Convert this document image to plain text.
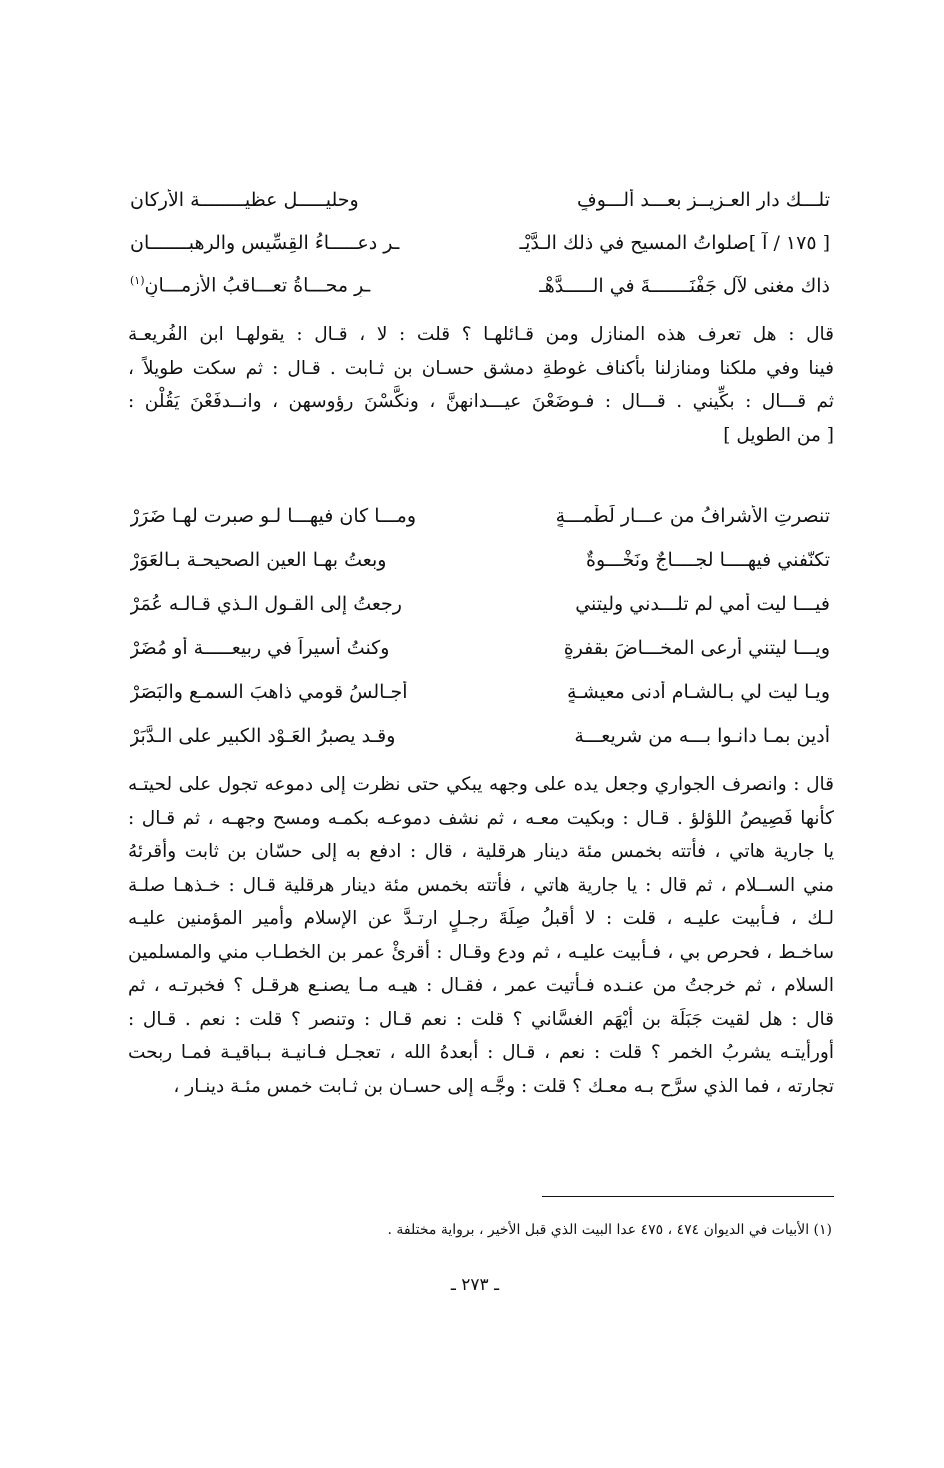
تلـــك دار العـزيــزِ بعـــد ألـــوفٍ
وحليـــــل عظيــــــــة الأركان
[ ١٧٥ / آ ]صلواتُ المسيح في ذلك الـدَّيْـ
ـرِ دعـــــاءُ القِسِّيسِ والرهبـــــــان
ذاك مغنى لآل جَفْنَـــــــةَ في الـــــدَّهْـ
ـرِ محـــاةُ تعـــاقبُ الأزمـــانِ$^{(١)}$

قال : هل تعرف هذه المنازل ومن قـائلهـا ؟ قلت : لا ، قـال : يقولهـا ابن الفُريعـة
فينا وفي ملكنا ومنازلنا بأكناف غوطةِ دمشق حسـان بن ثـابت . قـال : ثم سكت طويلاً ،
ثم قـــال : بكِّيني . قـــال : فـوضَعْنَ عيـــدانهنَّ ، ونكَّسْنَ رؤوسهن ، وانــدفَعْنَ يَقُلْن :
[ من الطويل ]

تنصرتِ الأشرافُ من عـــارِ لَطْمـــةٍ
ومـــا كان فيهـــا لـو صبرت لهـا ضَرَرْ
تكنّفني فيهــــا لجــــاجٌ ونَخْـــوةٌ
وبعتُ بهـا العين الصحيحـة بـالعَوَرْ
فيـــا ليت أمي لم تلـــدني وليتني
رجعتُ إلى القـول الـذي قـالـه عُمَرْ
ويـــا ليتني أرعى المخـــاضَ بقفرةٍ
وكنتُ أسيراً في ربيعـــــة أو مُضَرْ
ويـا ليت لي بـالشـام أدنى معيشـةٍ
أجـالسُ قومي ذاهبَ السمـع والبَصَرْ
أدين بمـا دانـوا بـــه من شريعـــة
وقـد يصبرُ العَـوْد الكبير على الـدَّبَرْ

قال : وانصرف الجواري وجعل يده على وجهه يبكي حتى نظرت إلى دموعه تجول على لحيتـه
كأنها فَصِيصُ اللؤلؤ . قـال : وبكيت معـه ، ثم نشف دموعـه بكمـه ومسح وجهـه ، ثم قـال :
يا جارية هاتي ، فأتته بخمس مئة دينار هرقلية ، قال : ادفع به إلى حسّان بن ثابت وأقرئهُ
مني الســلام ، ثم قال : يا جارية هاتي ، فأتته بخمس مئة دينار هرقلية قـال : خـذهـا صلـة
لـك ، فـأبيت عليـه ، قلت : لا أقبلُ صِلَةَ رجـلٍ ارتـدَّ عن الإسلام وأمير المؤمنين عليـه
ساخـط ، فحرص بي ، فـأبيت عليـه ، ثم ودع وقـال : أقرئْ عمر بن الخطـاب مني والمسلمين
السلام ، ثم خرجتُ من عنـده فـأتيت عمر ، فقـال : هيـه مـا يصنـع هرقـل ؟ فخبرتـه ، ثم
قال : هل لقيت جَبَلَة بن أيْهَم الغسَّاني ؟ قلت : نعم قـال : وتنصر ؟ قلت : نعم . قـال :
أورأيتـه يشربُ الخمر ؟ قلت : نعم ، قـال : أبعدهُ الله ، تعجـل فـانيـة بـباقيـة فمـا ربحت
تجارته ، فما الذي سرَّح بـه معـك ؟ قلت : وجَّـه إلى حسـان بن ثـابت خمس مئـة دينـار ،

(١) الأبيات في الديوان ٤٧٤ ، ٤٧٥ عدا البيت الذي قبل الأخير ، برواية مختلفة .
ـ ٢٧٣ ـ
